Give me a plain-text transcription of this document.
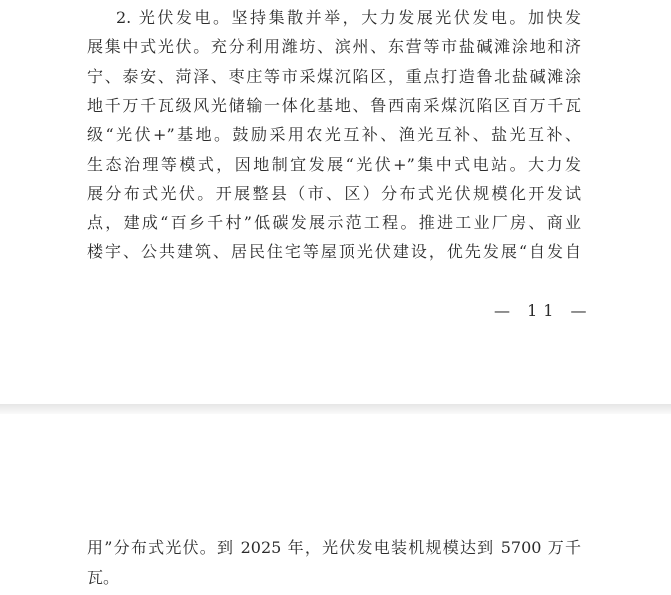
2. 光伏发电。坚持集散并举，大力发展光伏发电。加快发
展集中式光伏。充分利用潍坊、滨州、东营等市盐碱滩涂地和济
宁、泰安、菏泽、枣庄等市采煤沉陷区，重点打造鲁北盐碱滩涂
地千万千瓦级风光储输一体化基地、鲁西南采煤沉陷区百万千瓦
级“光伏+”基地。鼓励采用农光互补、渔光互补、盐光互补、
生态治理等模式，因地制宜发展“光伏+”集中式电站。大力发
展分布式光伏。开展整县（市、区）分布式光伏规模化开发试
点，建成“百乡千村”低碳发展示范工程。推进工业厂房、商业
楼宇、公共建筑、居民住宅等屋顶光伏建设，优先发展“自发自
— 11 —
用”分布式光伏。到 2025 年，光伏发电装机规模达到 5700 万千
瓦。
